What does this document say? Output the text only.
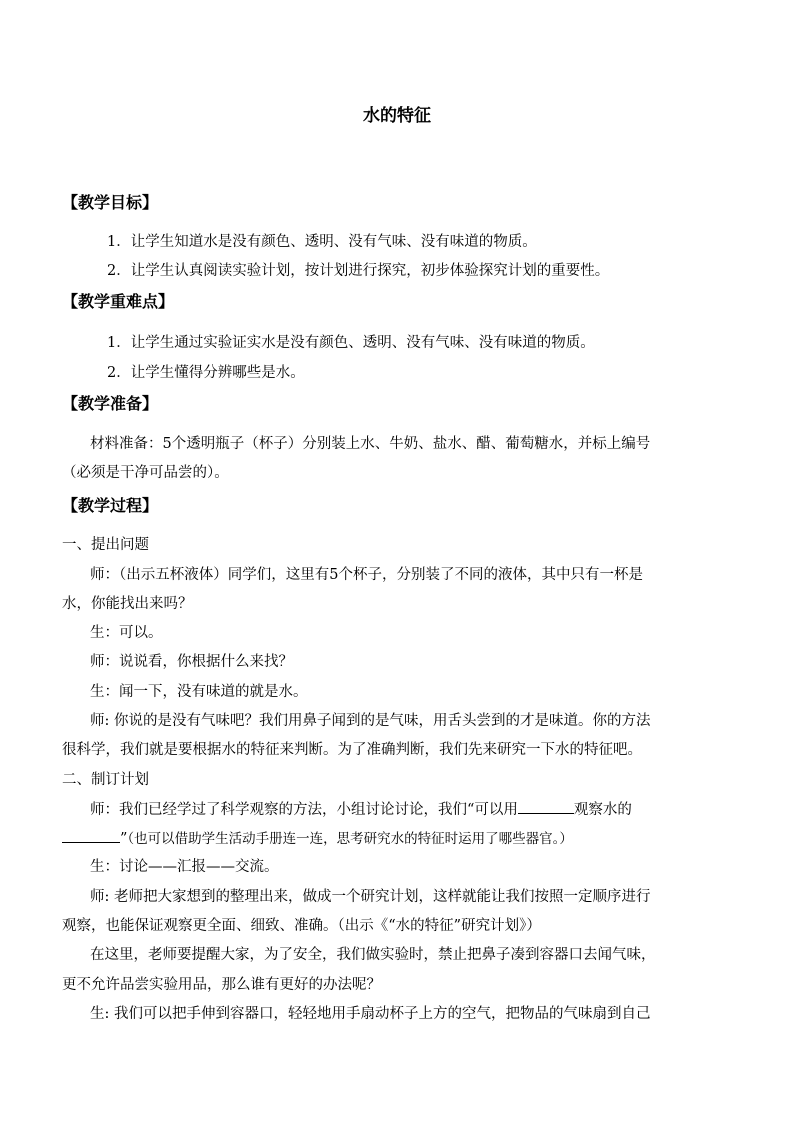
水的特征
【教学目标】
1．让学生知道水是没有颜色、透明、没有气味、没有味道的物质。
2．让学生认真阅读实验计划，按计划进行探究，初步体验探究计划的重要性。
【教学重难点】
1．让学生通过实验证实水是没有颜色、透明、没有气味、没有味道的物质。
2．让学生懂得分辨哪些是水。
【教学准备】
材料准备：5个透明瓶子（杯子）分别装上水、牛奶、盐水、醋、葡萄糖水，并标上编号
（必须是干净可品尝的）。
【教学过程】
一、提出问题
师：（出示五杯液体）同学们，这里有5个杯子，分别装了不同的液体，其中只有一杯是
水，你能找出来吗？
生：可以。
师：说说看，你根据什么来找？
生：闻一下，没有味道的就是水。
师: 你说的是没有气味吧？我们用鼻子闻到的是气味，用舌头尝到的才是味道。你的方法
很科学，我们就是要根据水的特征来判断。为了准确判断，我们先来研究一下水的特征吧。
二、制订计划
师：我们已经学过了科学观察的方法，小组讨论讨论，我们“可以用	观察水的
”（也可以借助学生活动手册连一连，思考研究水的特征时运用了哪些器官。）
生：讨论——汇报——交流。
师: 老师把大家想到的整理出来，做成一个研究计划，这样就能让我们按照一定顺序进行
观察，也能保证观察更全面、细致、准确。（出示《“水的特征”研究计划》）
在这里，老师要提醒大家，为了安全，我们做实验时，禁止把鼻子凑到容器口去闻气味，
更不允许品尝实验用品，那么谁有更好的办法呢？
生: 我们可以把手伸到容器口，轻轻地用手扇动杯子上方的空气，把物品的气味扇到自己
